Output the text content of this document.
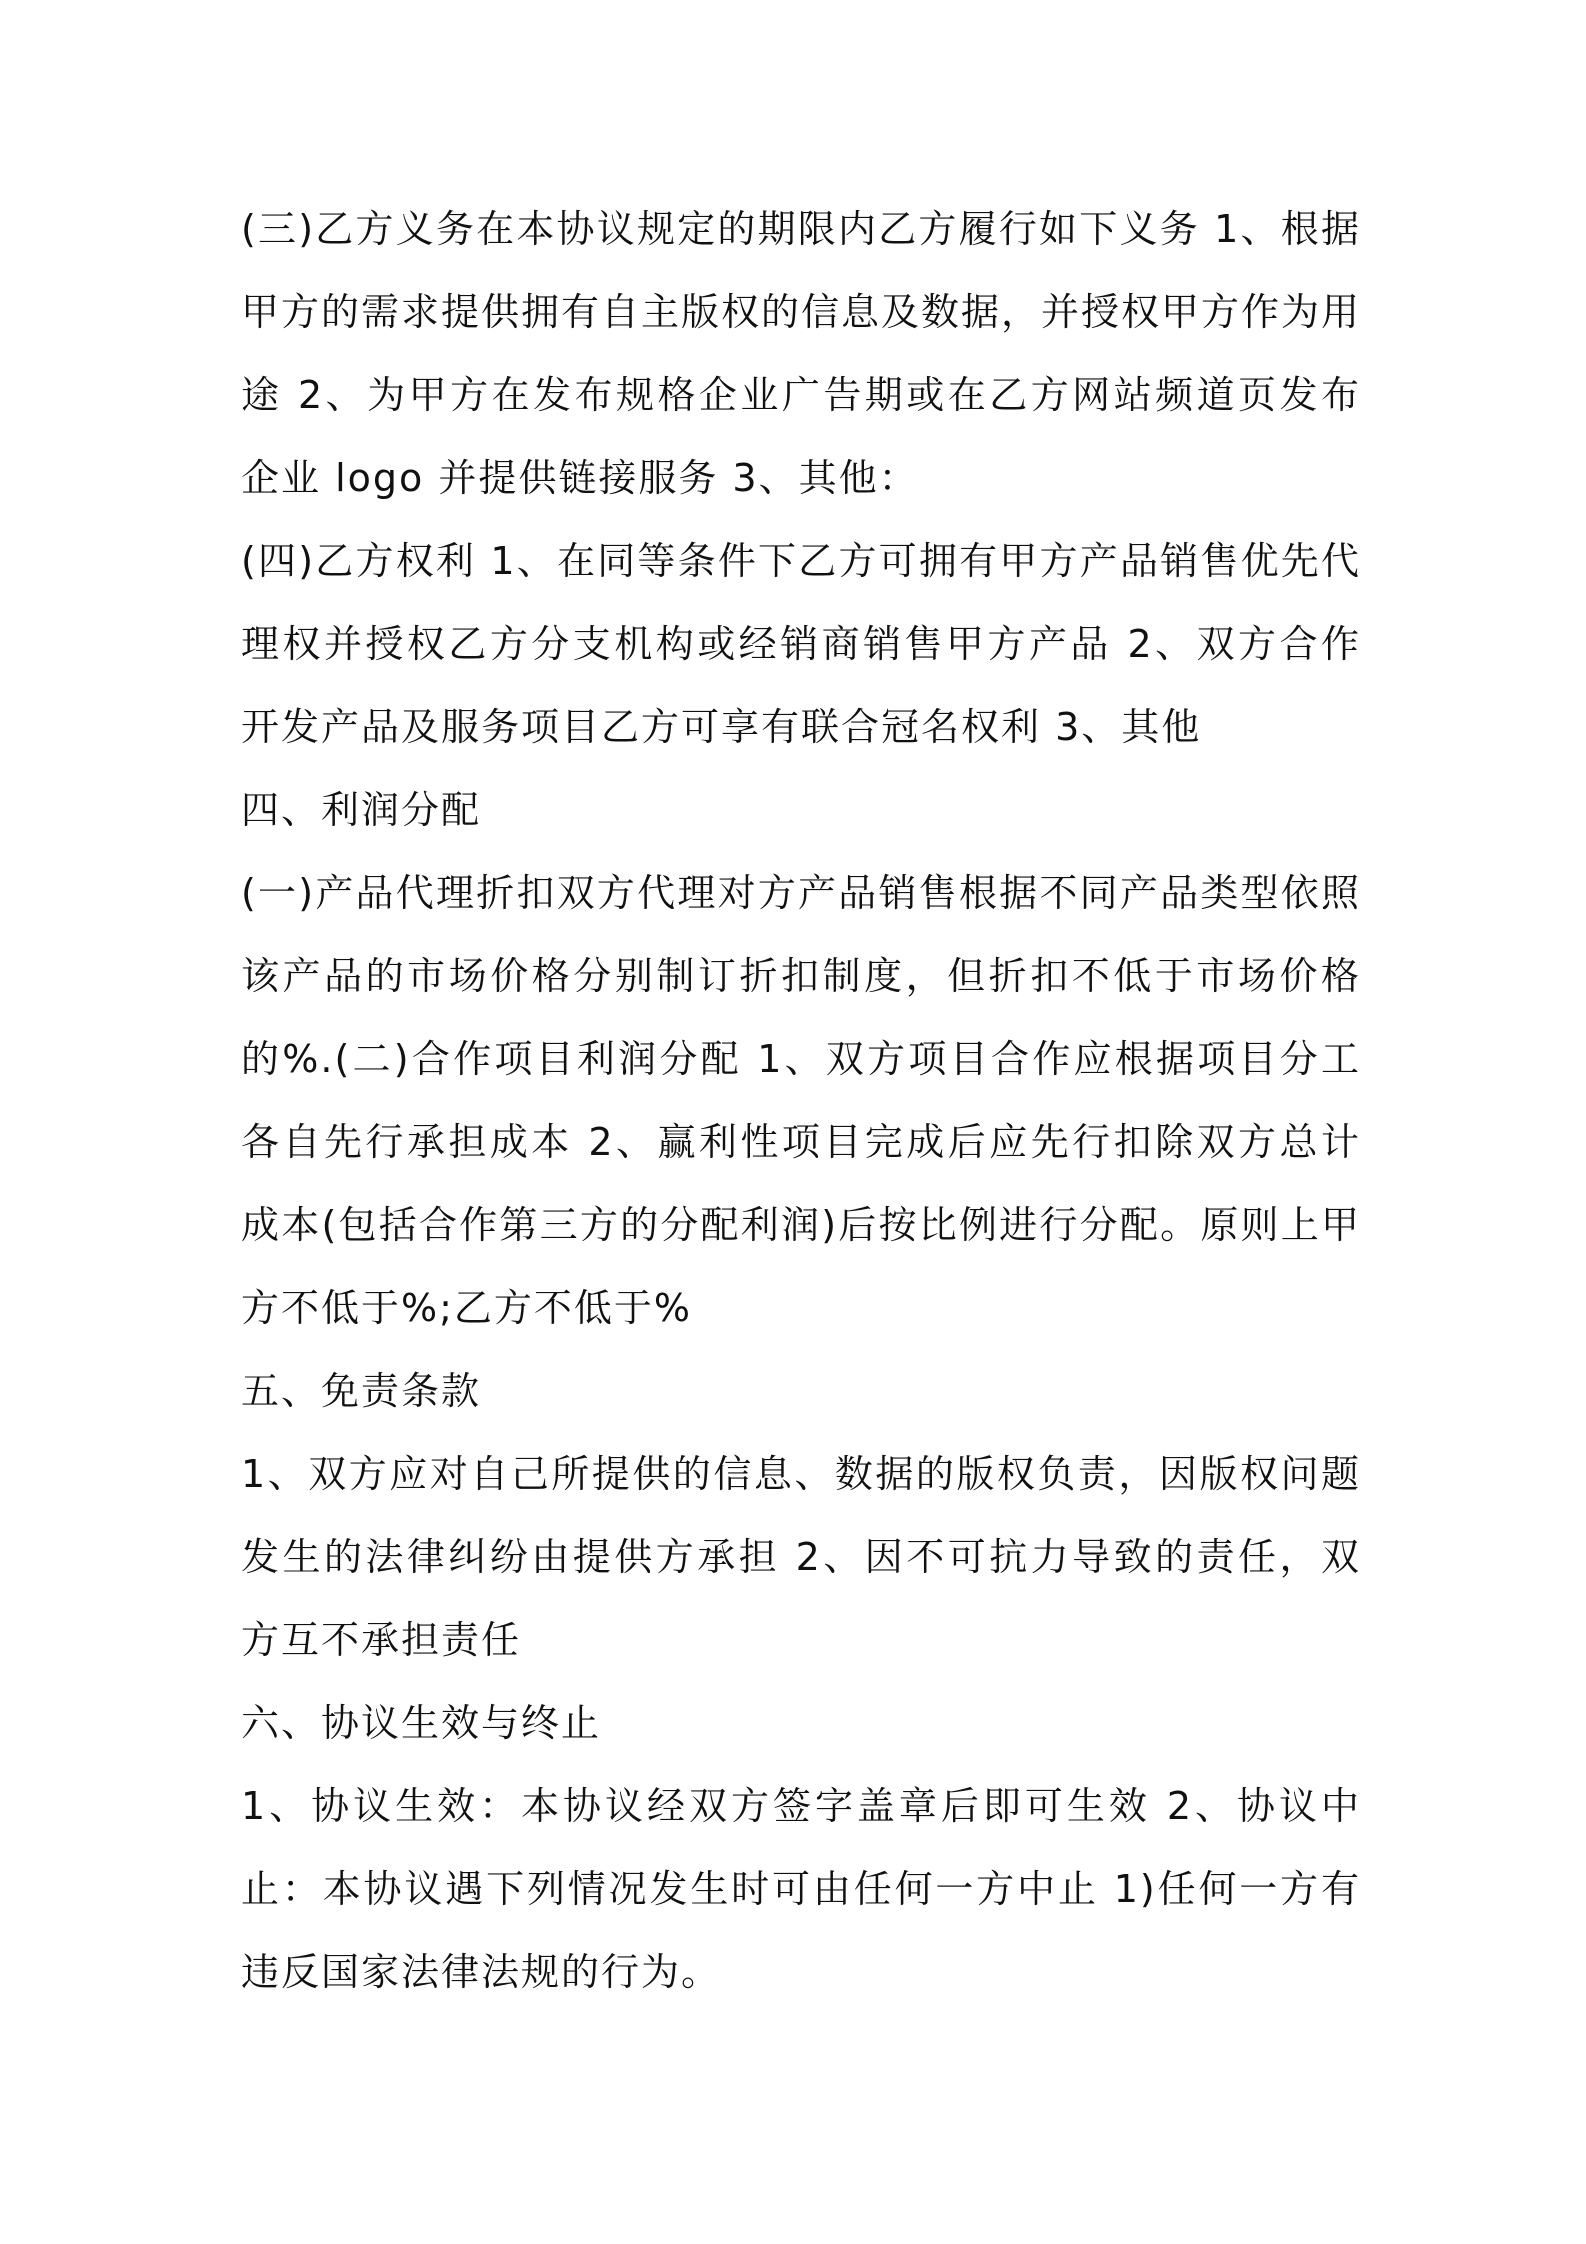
(三)乙方义务在本协议规定的期限内乙方履行如下义务 1、根据甲方的需求提供拥有自主版权的信息及数据，并授权甲方作为用途 2、为甲方在发布规格企业广告期或在乙方网站频道页发布企业 logo 并提供链接服务 3、其他：

(四)乙方权利 1、在同等条件下乙方可拥有甲方产品销售优先代理权并授权乙方分支机构或经销商销售甲方产品 2、双方合作开发产品及服务项目乙方可享有联合冠名权利 3、其他

四、利润分配

(一)产品代理折扣双方代理对方产品销售根据不同产品类型依照该产品的市场价格分别制订折扣制度，但折扣不低于市场价格的%.(二)合作项目利润分配 1、双方项目合作应根据项目分工各自先行承担成本 2、赢利性项目完成后应先行扣除双方总计成本(包括合作第三方的分配利润)后按比例进行分配。原则上甲方不低于%;乙方不低于%

五、免责条款

1、双方应对自己所提供的信息、数据的版权负责，因版权问题发生的法律纠纷由提供方承担 2、因不可抗力导致的责任，双方互不承担责任

六、协议生效与终止

1、协议生效：本协议经双方签字盖章后即可生效 2、协议中止：本协议遇下列情况发生时可由任何一方中止 1)任何一方有违反国家法律法规的行为。
